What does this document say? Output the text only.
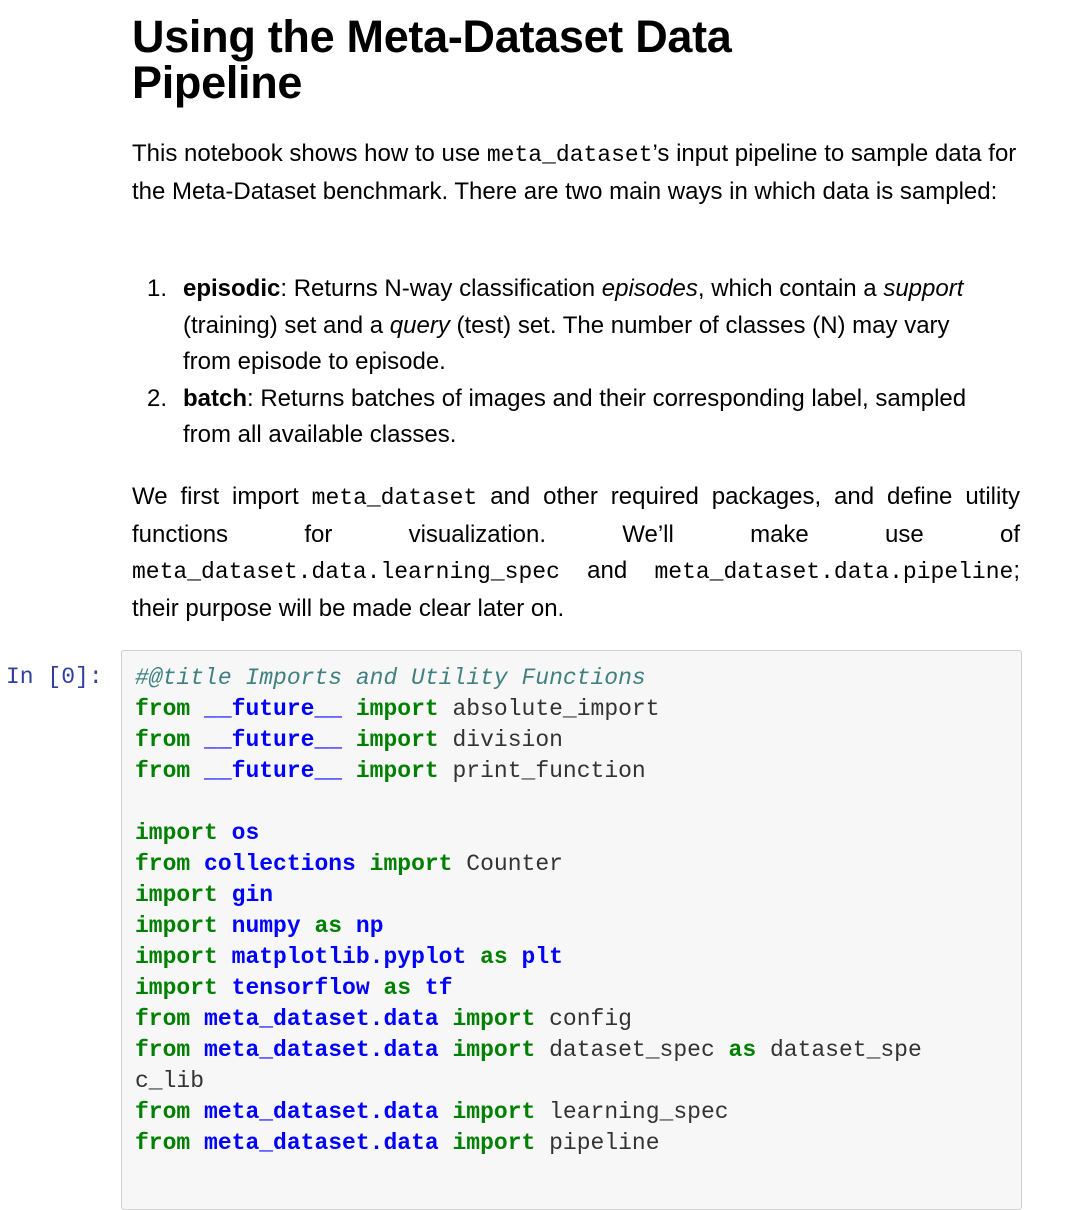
Using the Meta-Dataset Data Pipeline

This notebook shows how to use meta_dataset’s input pipeline to sample data for the Meta-Dataset benchmark. There are two main ways in which data is sampled:

1. episodic: Returns N-way classification episodes, which contain a support (training) set and a query (test) set. The number of classes (N) may vary from episode to episode.
2. batch: Returns batches of images and their corresponding label, sampled from all available classes.

We first import meta_dataset and other required packages, and define utility functions for visualization. We’ll make use of meta_dataset.data.learning_spec and meta_dataset.data.pipeline; their purpose will be made clear later on.

In [0]: #@title Imports and Utility Functions
from __future__ import absolute_import
from __future__ import division
from __future__ import print_function

import os
from collections import Counter
import gin
import numpy as np
import matplotlib.pyplot as plt
import tensorflow as tf
from meta_dataset.data import config
from meta_dataset.data import dataset_spec as dataset_spe
c_lib
from meta_dataset.data import learning_spec
from meta_dataset.data import pipeline
